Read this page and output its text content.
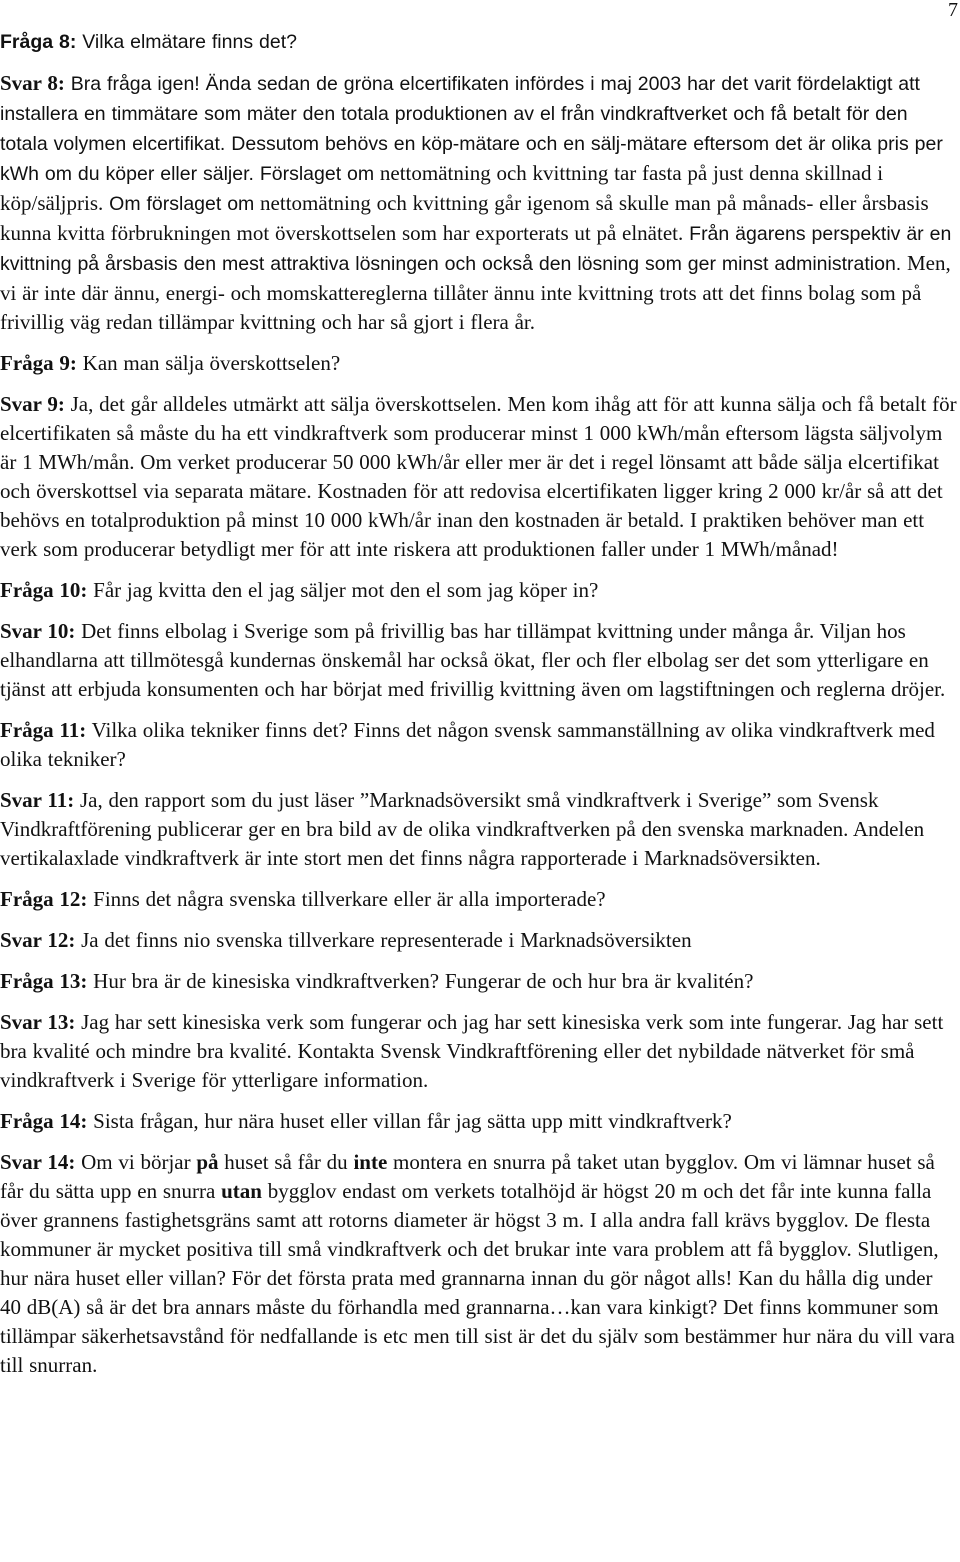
7

Fråga 8: Vilka elmätare finns det?

Svar 8: Bra fråga igen! Ända sedan de gröna elcertifikaten infördes i maj 2003 har det varit fördelaktigt att installera en timmätare som mäter den totala produktionen av el från vindkraftverket och få betalt för den totala volymen elcertifikat. Dessutom behövs en köp-mätare och en sälj-mätare eftersom det är olika pris per kWh om du köper eller säljer. Förslaget om nettomätning och kvittning tar fasta på just denna skillnad i köp/säljpris. Om förslaget om nettomätning och kvittning går igenom så skulle man på månads- eller årsbasis kunna kvitta förbrukningen mot överskottselen som har exporterats ut på elnätet. Från ägarens perspektiv är en kvittning på årsbasis den mest attraktiva lösningen och också den lösning som ger minst administration. Men, vi är inte där ännu, energi- och momskattereglerna tillåter ännu inte kvittning trots att det finns bolag som på frivillig väg redan tillämpar kvittning och har så gjort i flera år.

Fråga 9: Kan man sälja överskottselen?

Svar 9: Ja, det går alldeles utmärkt att sälja överskottselen. Men kom ihåg att för att kunna sälja och få betalt för elcertifikaten så måste du ha ett vindkraftverk som producerar minst 1 000 kWh/mån eftersom lägsta säljvolym är 1 MWh/mån. Om verket producerar 50 000 kWh/år eller mer är det i regel lönsamt att både sälja elcertifikat och överskottsel via separata mätare. Kostnaden för att redovisa elcertifikaten ligger kring 2 000 kr/år så att det behövs en totalproduktion på minst 10 000 kWh/år inan den kostnaden är betald. I praktiken behöver man ett verk som producerar betydligt mer för att inte riskera att produktionen faller under 1 MWh/månad!

Fråga 10: Får jag kvitta den el jag säljer mot den el som jag köper in?

Svar 10: Det finns elbolag i Sverige som på frivillig bas har tillämpat kvittning under många år. Viljan hos elhandlarna att tillmötesgå kundernas önskemål har också ökat, fler och fler elbolag ser det som ytterligare en tjänst att erbjuda konsumenten och har börjat med frivillig kvittning även om lagstiftningen och reglerna dröjer.

Fråga 11: Vilka olika tekniker finns det? Finns det någon svensk sammanställning av olika vindkraftverk med olika tekniker?

Svar 11: Ja, den rapport som du just läser ”Marknadsöversikt små vindkraftverk i Sverige” som Svensk Vindkraftförening publicerar ger en bra bild av de olika vindkraftverken på den svenska marknaden. Andelen vertikalaxlade vindkraftverk är inte stort men det finns några rapporterade i Marknadsöversikten.

Fråga 12: Finns det några svenska tillverkare eller är alla importerade?

Svar 12: Ja det finns nio svenska tillverkare representerade i Marknadsöversikten

Fråga 13: Hur bra är de kinesiska vindkraftverken? Fungerar de och hur bra är kvalitén?

Svar 13: Jag har sett kinesiska verk som fungerar och jag har sett kinesiska verk som inte fungerar. Jag har sett bra kvalité och mindre bra kvalité. Kontakta Svensk Vindkraftförening eller det nybildade nätverket för små vindkraftverk i Sverige för ytterligare information.

Fråga 14: Sista frågan, hur nära huset eller villan får jag sätta upp mitt vindkraftverk?

Svar 14: Om vi börjar på huset så får du inte montera en snurra på taket utan bygglov. Om vi lämnar huset så får du sätta upp en snurra utan bygglov endast om verkets totalhöjd är högst 20 m och det får inte kunna falla över grannens fastighetsgräns samt att rotorns diameter är högst 3 m. I alla andra fall krävs bygglov. De flesta kommuner är mycket positiva till små vindkraftverk och det brukar inte vara problem att få bygglov. Slutligen, hur nära huset eller villan? För det första prata med grannarna innan du gör något alls! Kan du hålla dig under 40 dB(A) så är det bra annars måste du förhandla med grannarna…kan vara kinkigt? Det finns kommuner som tillämpar säkerhetsavstånd för nedfallande is etc men till sist är det du själv som bestämmer hur nära du vill vara till snurran.
